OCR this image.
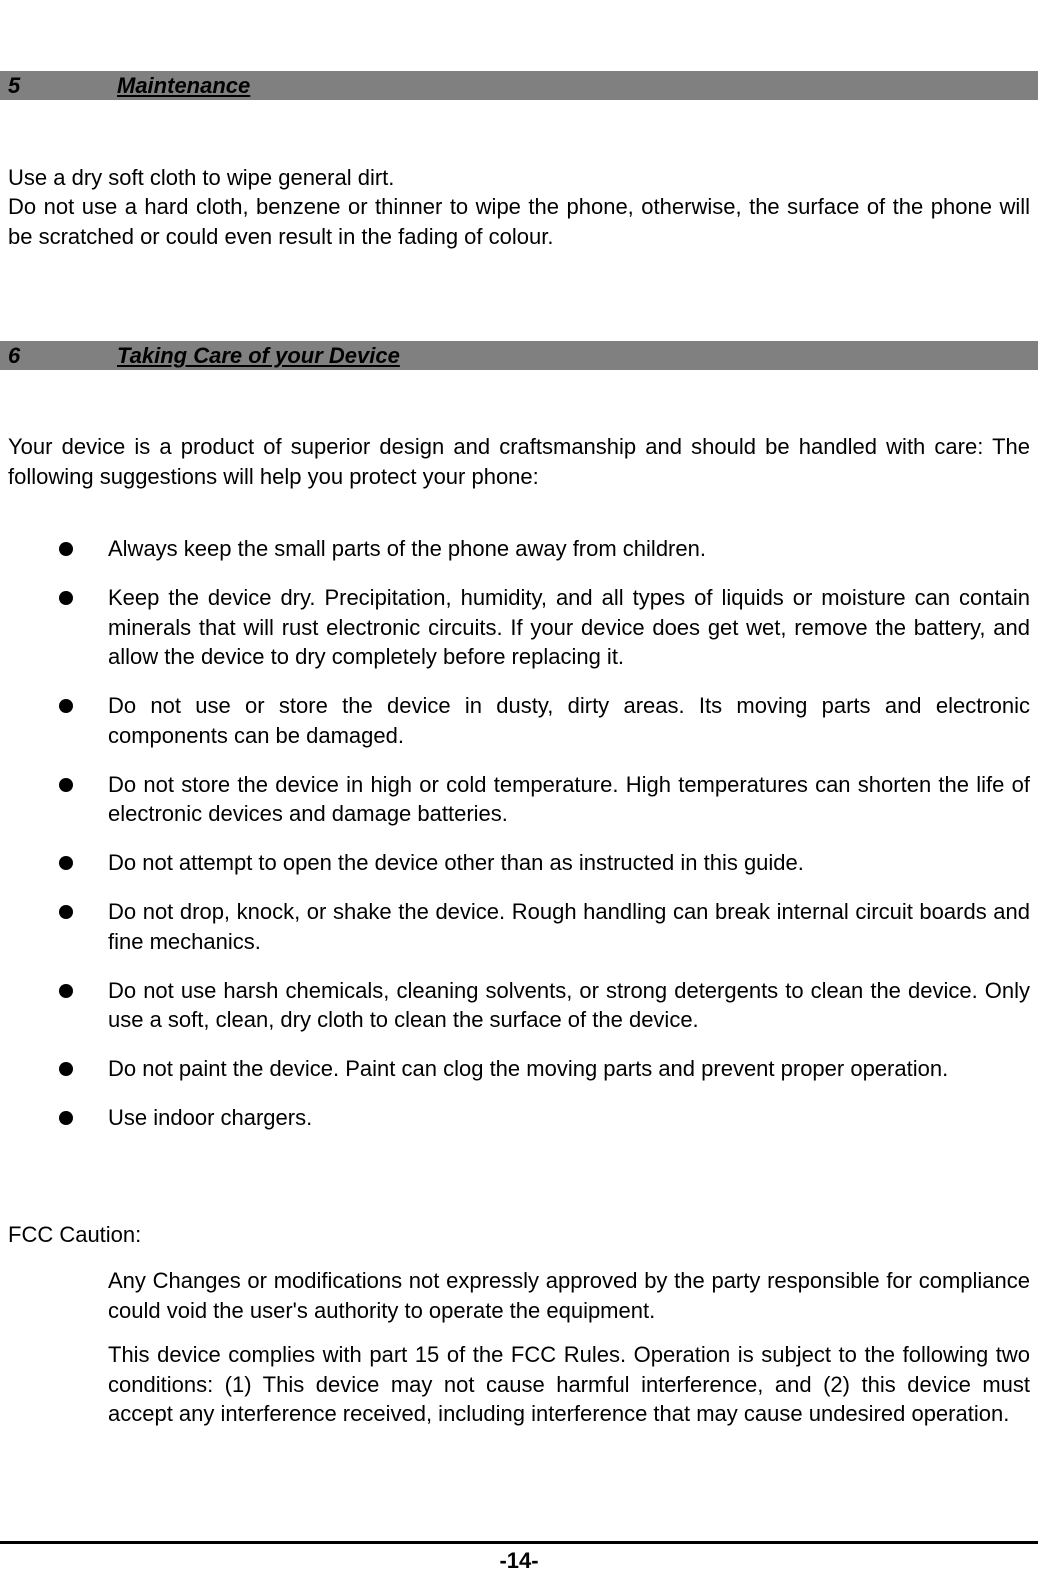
5	Maintenance

Use a dry soft cloth to wipe general dirt.

Do not use a hard cloth, benzene or thinner to wipe the phone, otherwise, the surface of the phone will be scratched or could even result in the fading of colour.

6	Taking Care of your Device

Your device is a product of superior design and craftsmanship and should be handled with care: The following suggestions will help you protect your phone:

Always keep the small parts of the phone away from children.
Keep the device dry. Precipitation, humidity, and all types of liquids or moisture can contain minerals that will rust electronic circuits. If your device does get wet, remove the battery, and allow the device to dry completely before replacing it.
Do not use or store the device in dusty, dirty areas. Its moving parts and electronic components can be damaged.
Do not store the device in high or cold temperature. High temperatures can shorten the life of electronic devices and damage batteries.
Do not attempt to open the device other than as instructed in this guide.
Do not drop, knock, or shake the device. Rough handling can break internal circuit boards and fine mechanics.
Do not use harsh chemicals, cleaning solvents, or strong detergents to clean the device. Only use a soft, clean, dry cloth to clean the surface of the device.
Do not paint the device. Paint can clog the moving parts and prevent proper operation.
Use indoor chargers.

FCC Caution:

Any Changes or modifications not expressly approved by the party responsible for compliance could void the user's authority to operate the equipment.

This device complies with part 15 of the FCC Rules. Operation is subject to the following two conditions: (1) This device may not cause harmful interference, and (2) this device must accept any interference received, including interference that may cause undesired operation.

-14-
